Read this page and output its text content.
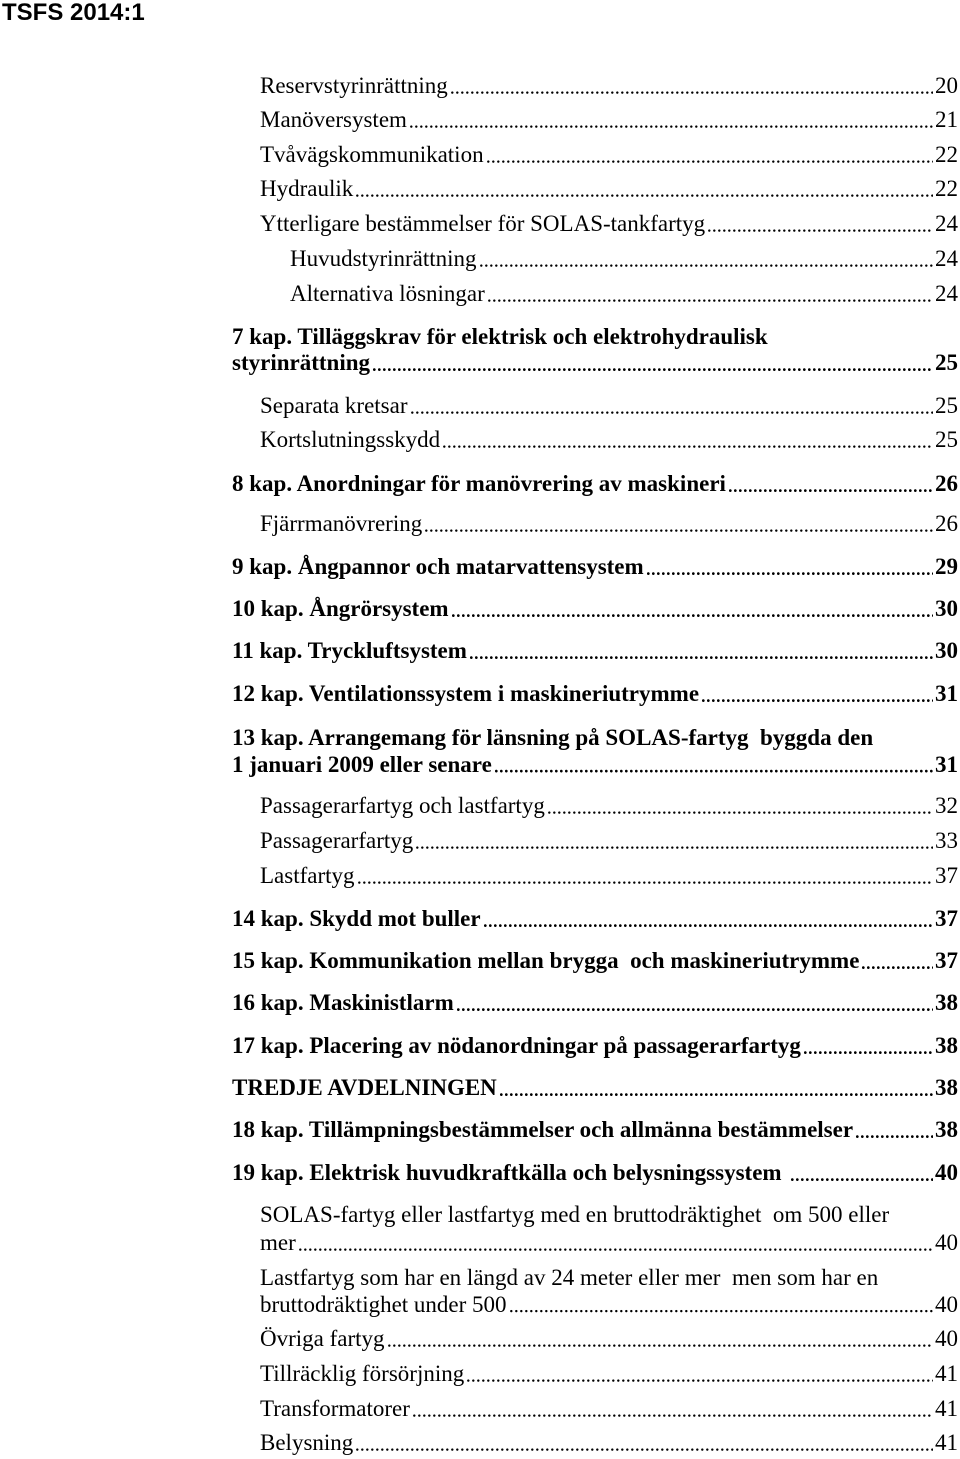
TSFS 2014:1
Reservstyrinrättning	20
Manöversystem	21
Tvåvägskommunikation	22
Hydraulik	22
Ytterligare bestämmelser för SOLAS-tankfartyg	24
Huvudstyrinrättning	24
Alternativa lösningar	24
7 kap. Tilläggskrav för elektrisk och elektrohydraulisk
styrinrättning	25
Separata kretsar	25
Kortslutningsskydd	25
8 kap. Anordningar för manövrering av maskineri	26
Fjärrmanövrering	26
9 kap. Ångpannor och matarvattensystem	29
10 kap. Ångrörsystem	30
11 kap. Tryckluftsystem	30
12 kap. Ventilationssystem i maskineriutrymme	31
13 kap. Arrangemang för länsning på SOLAS-fartyg  byggda den
1 januari 2009 eller senare	31
Passagerarfartyg och lastfartyg	32
Passagerarfartyg	33
Lastfartyg	37
14 kap. Skydd mot buller	37
15 kap. Kommunikation mellan brygga  och maskineriutrymme	37
16 kap. Maskinistlarm	38
17 kap. Placering av nödanordningar på passagerarfartyg	38
TREDJE AVDELNINGEN	38
18 kap. Tillämpningsbestämmelser och allmänna bestämmelser	38
19 kap. Elektrisk huvudkraftkälla och belysningssystem	40
SOLAS-fartyg eller lastfartyg med en bruttodräktighet  om 500 eller
mer	40
Lastfartyg som har en längd av 24 meter eller mer  men som har en
bruttodräktighet under 500	40
Övriga fartyg	40
Tillräcklig försörjning	41
Transformatorer	41
Belysning	41
